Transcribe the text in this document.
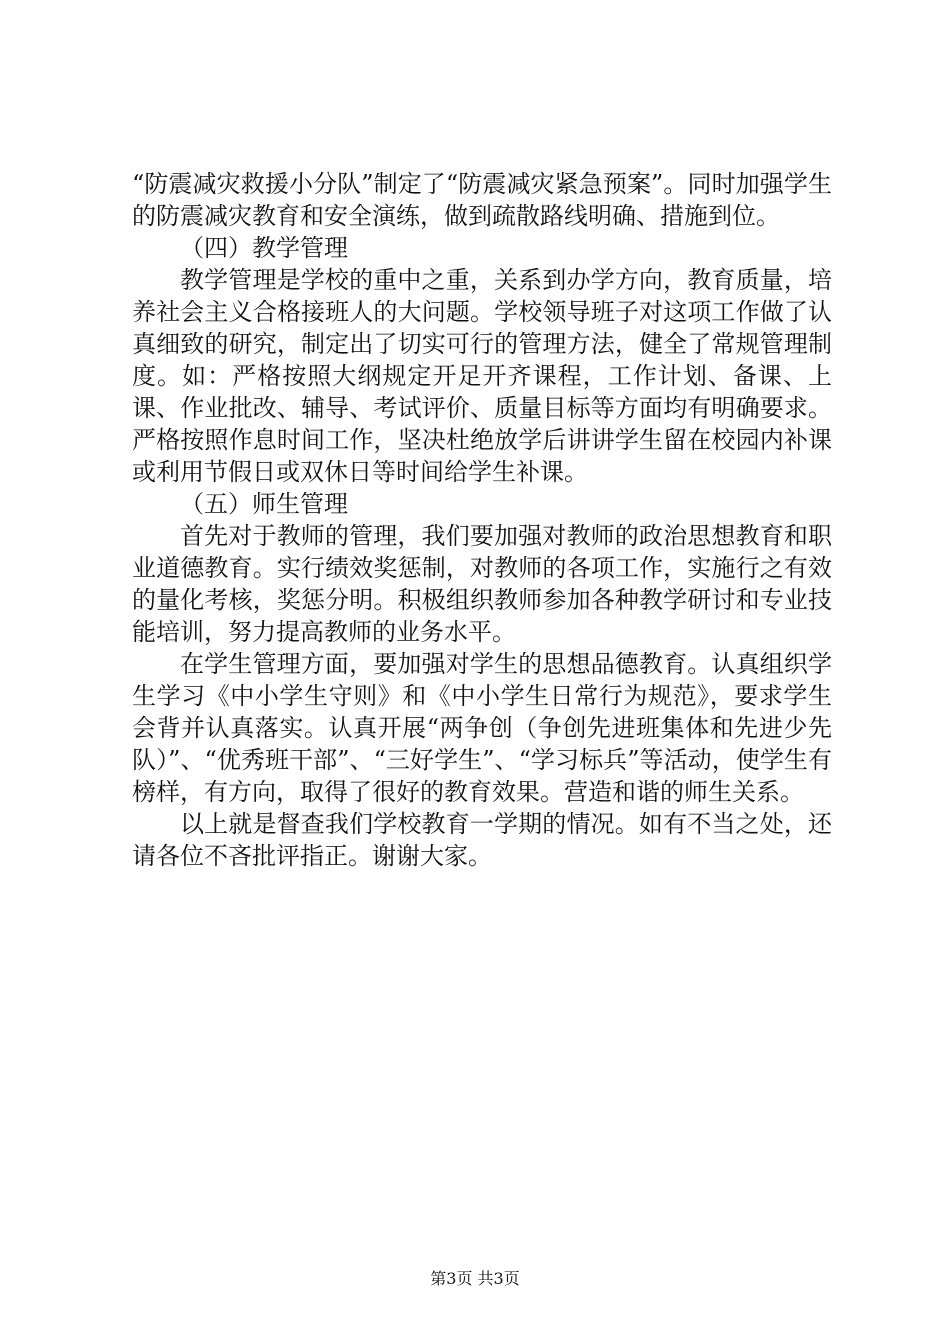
“防震减灾救援小分队”制定了“防震减灾紧急预案”。同时加强学生的防震减灾教育和安全演练，做到疏散路线明确、措施到位。

（四）教学管理

教学管理是学校的重中之重，关系到办学方向，教育质量，培养社会主义合格接班人的大问题。学校领导班子对这项工作做了认真细致的研究，制定出了切实可行的管理方法，健全了常规管理制度。如：严格按照大纲规定开足开齐课程，工作计划、备课、上课、作业批改、辅导、考试评价、质量目标等方面均有明确要求。严格按照作息时间工作，坚决杜绝放学后讲讲学生留在校园内补课或利用节假日或双休日等时间给学生补课。

（五）师生管理

首先对于教师的管理，我们要加强对教师的政治思想教育和职业道德教育。实行绩效奖惩制，对教师的各项工作，实施行之有效的量化考核，奖惩分明。积极组织教师参加各种教学研讨和专业技能培训，努力提高教师的业务水平。

在学生管理方面，要加强对学生的思想品德教育。认真组织学生学习《中小学生守则》和《中小学生日常行为规范》，要求学生会背并认真落实。认真开展“两争创（争创先进班集体和先进少先队）”、“优秀班干部”、“三好学生”、“学习标兵”等活动，使学生有榜样，有方向，取得了很好的教育效果。营造和谐的师生关系。

以上就是督查我们学校教育一学期的情况。如有不当之处，还请各位不吝批评指正。谢谢大家。

第3页 共3页
